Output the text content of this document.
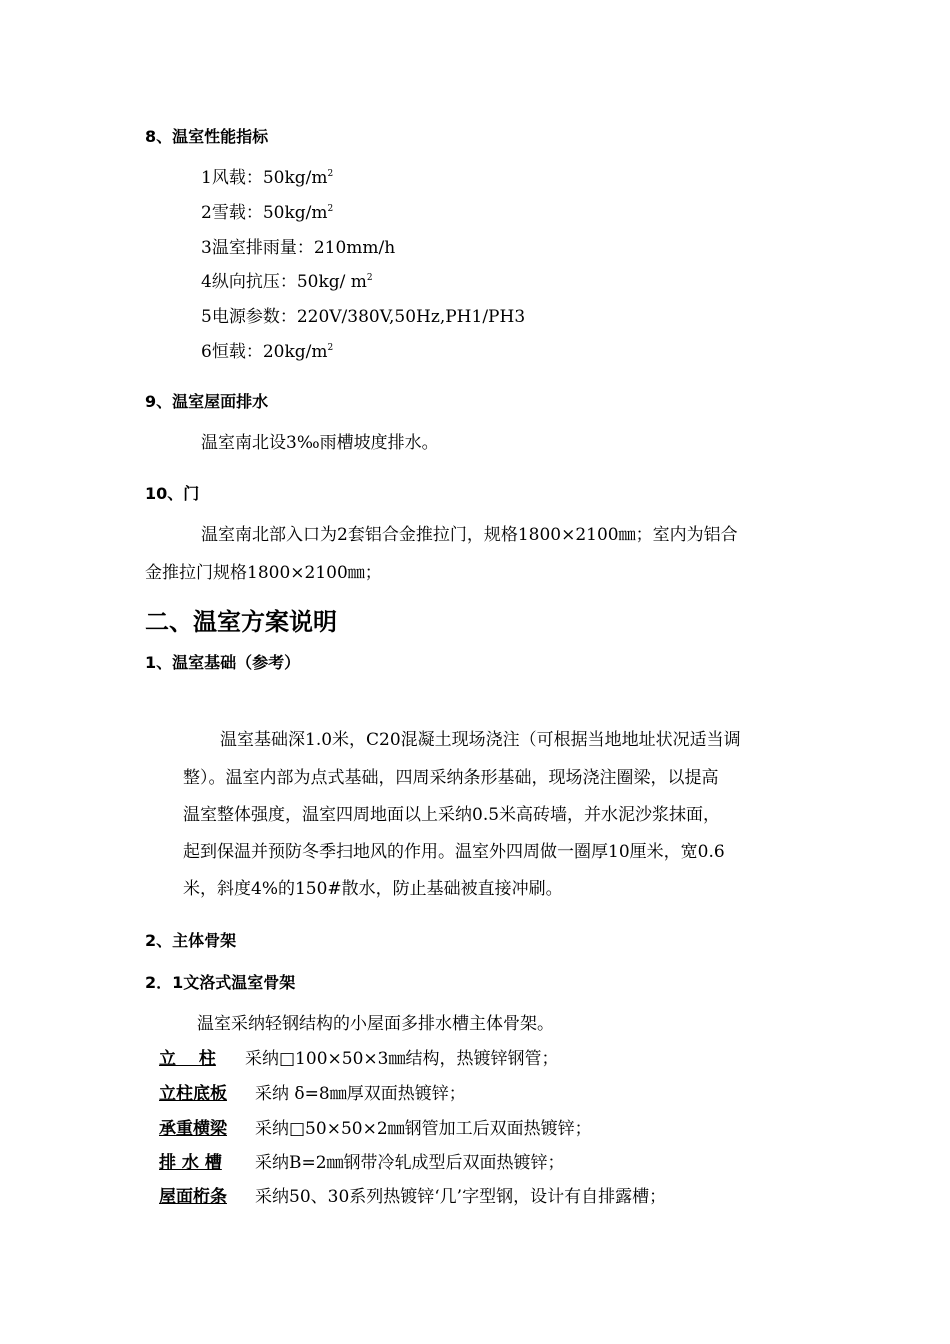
8、温室性能指标
1风载：$50kg/m^2$
2雪载：$50kg/m^2$
3温室排雨量：210mm/h
4纵向抗压：50kg/ $m^2$
5电源参数：220V/380V,50Hz,PH1/PH3
6恒载：$20kg/m^2$
9、温室屋面排水
温室南北设3‰雨槽坡度排水。
10、门
温室南北部入口为2套铝合金推拉门，规格1800×2100㎜；室内为铝合
金推拉门规格1800×2100㎜；
二、温室方案说明
1、温室基础（参考）
温室基础深1.0米，C20混凝土现场浇注（可根据当地地址状况适当调
整）。温室内部为点式基础，四周采纳条形基础，现场浇注圈梁，以提高
温室整体强度，温室四周地面以上采纳0.5米高砖墙，并水泥沙浆抹面，
起到保温并预防冬季扫地风的作用。温室外四周做一圈厚10厘米，宽0.6
米，斜度4%的150#散水，防止基础被直接冲刷。
2、主体骨架
2．1文洛式温室骨架
温室采纳轻钢结构的小屋面多排水槽主体骨架。
立　 柱 采纳□100×50×3㎜结构，热镀锌钢管；
立柱底板 采纳 δ=8㎜厚双面热镀锌；
承重横梁 采纳□50×50×2㎜钢管加工后双面热镀锌；
排 水 槽 采纳B=2㎜钢带冷轧成型后双面热镀锌；
屋面桁条 采纳50、30系列热镀锌‘几’字型钢，设计有自排露槽；
